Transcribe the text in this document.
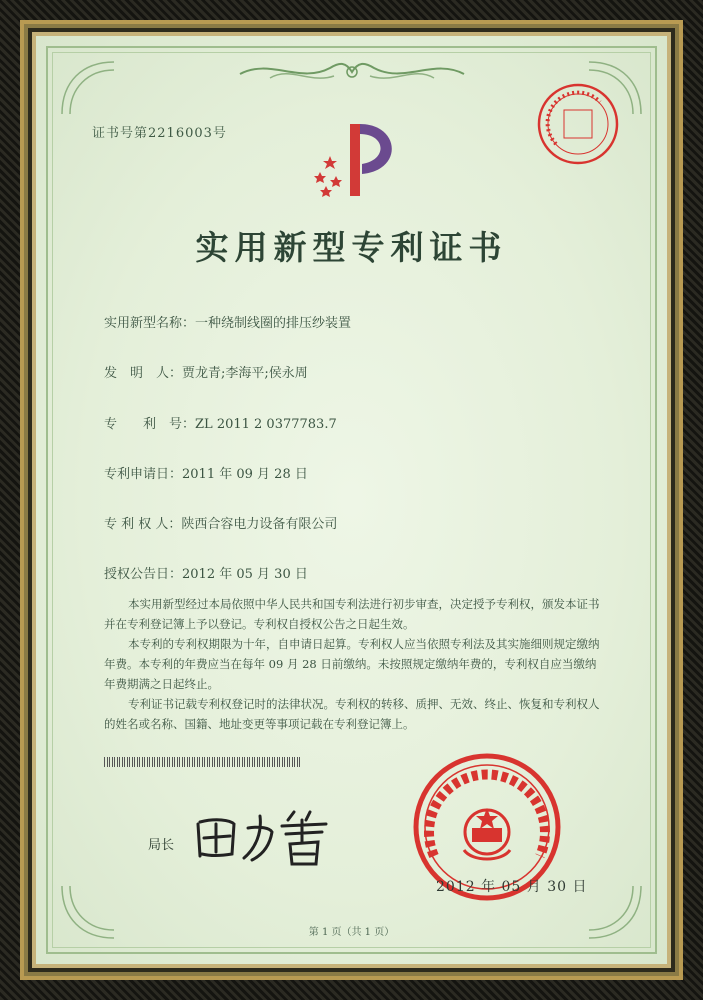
证书号第2216003号
实用新型专利证书
实用新型名称：一种绕制线圈的排压纱装置
发　明　人：贾龙青;李海平;侯永周
专　　利　号：ZL 2011 2 0377783.7
专利申请日：2011 年 09 月 28 日
专 利 权 人：陕西合容电力设备有限公司
授权公告日：2012 年 05 月 30 日
本实用新型经过本局依照中华人民共和国专利法进行初步审查，决定授予专利权，颁发本证书并在专利登记簿上予以登记。专利权自授权公告之日起生效。
本专利的专利权期限为十年，自申请日起算。专利权人应当依照专利法及其实施细则规定缴纳年费。本专利的年费应当在每年 09 月 28 日前缴纳。未按照规定缴纳年费的，专利权自应当缴纳年费期满之日起终止。
专利证书记载专利权登记时的法律状况。专利权的转移、质押、无效、终止、恢复和专利权人的姓名或名称、国籍、地址变更等事项记载在专利登记簿上。
局长
2012 年 05 月 30 日
第 1 页（共 1 页）
